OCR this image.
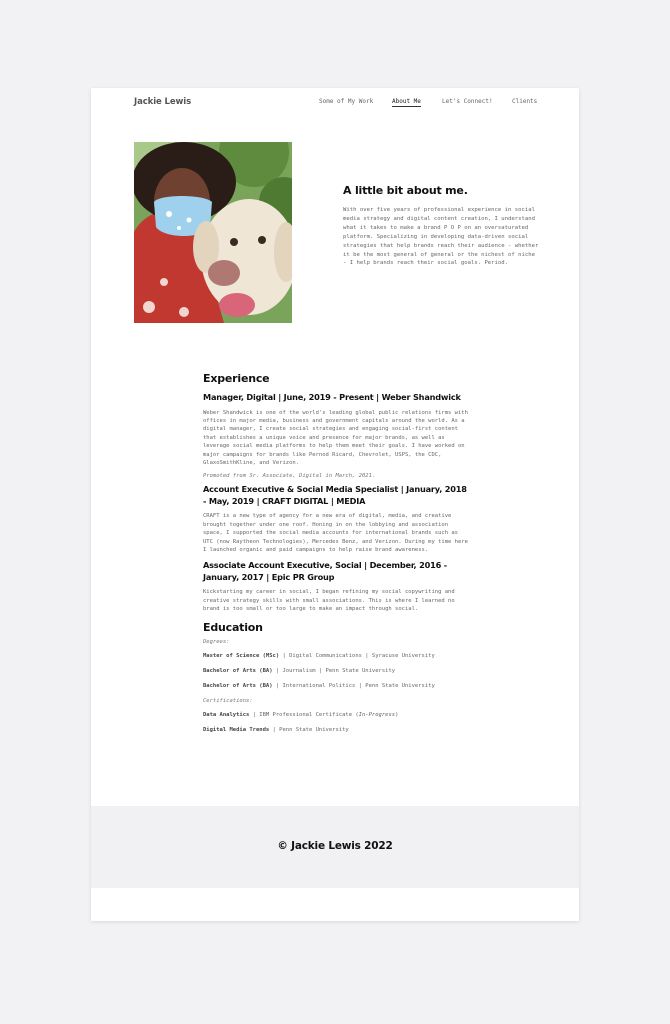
Jackie Lewis	Some of My Work	About Me	Let's Connect!	Clients
A little bit about me.
With over five years of professional experience in social media strategy and digital content creation, I understand what it takes to make a brand P O P on an oversaturated platform. Specializing in developing data-driven social strategies that help brands reach their audience - whether it be the most general of general or the nichest of niche - I help brands reach their social goals. Period.
Experience
Manager, Digital | June, 2019 - Present | Weber Shandwick
Weber Shandwick is one of the world's leading global public relations firms with offices in major media, business and government capitals around the world. As a digital manager, I create social strategies and engaging social-first content that establishes a unique voice and presence for major brands, as well as leverage social media platforms to help them meet their goals. I have worked on major campaigns for brands like Pernod Ricard, Chevrolet, USPS, the CDC, GlaxoSmithKline, and Verizon.
Promoted from Sr. Associate, Digital in March, 2021.
Account Executive & Social Media Specialist | January, 2018 - May, 2019 | CRAFT DIGITAL | MEDIA
CRAFT is a new type of agency for a new era of digital, media, and creative brought together under one roof. Honing in on the lobbying and association space, I supported the social media accounts for international brands such as UTC (now Raytheon Technologies), Mercedes Benz, and Verizon. During my time here I launched organic and paid campaigns to help raise brand awareness.
Associate Account Executive, Social | December, 2016 - January, 2017 | Epic PR Group
Kickstarting my career in social, I began refining my social copywriting and creative strategy skills with small associations. This is where I learned no brand is too small or too large to make an impact through social.
Education
Degrees:
Master of Science (MSc) | Digital Communications | Syracuse University
Bachelor of Arts (BA) | Journalism | Penn State University
Bachelor of Arts (BA) | International Politics | Penn State University
Certifications:
Data Analytics | IBM Professional Certificate (In-Progress)
Digital Media Trends | Penn State University
© Jackie Lewis 2022
